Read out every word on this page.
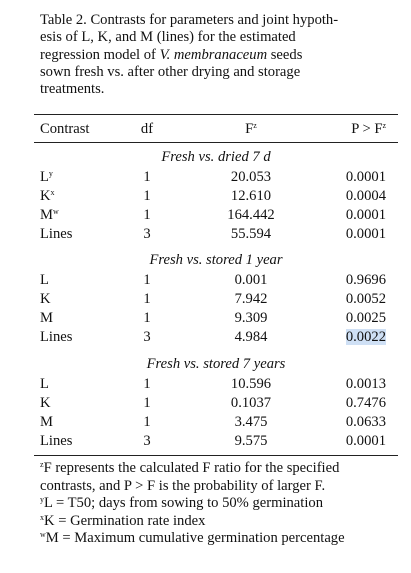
Table 2. Contrasts for parameters and joint hypoth-
esis of L, K, and M (lines) for the estimated
regression model of V. membranaceum seeds
sown fresh vs. after other drying and storage
treatments.
Contrast	df	$F^z$	$P > F^z$
Fresh vs. dried 7 d
$L^y$	1	20.053	0.0001
$K^x$	1	12.610	0.0004
$M^w$	1	164.442	0.0001
Lines	3	55.594	0.0001
Fresh vs. stored 1 year
L	1	0.001	0.9696
K	1	7.942	0.0052
M	1	9.309	0.0025
Lines	3	4.984	0.0022
Fresh vs. stored 7 years
L	1	10.596	0.0013
K	1	0.1037	0.7476
M	1	3.475	0.0633
Lines	3	9.575	0.0001
$^z$F represents the calculated F ratio for the specified
contrasts, and P > F is the probability of larger F.
$^y$L = T50; days from sowing to 50% germination
$^x$K = Germination rate index
$^w$M = Maximum cumulative germination percentage
